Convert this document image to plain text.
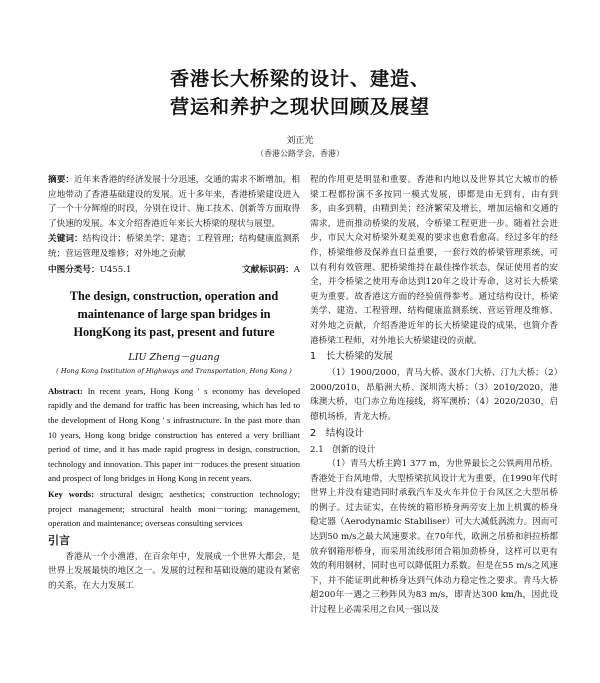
香港长大桥梁的设计、建造、
营运和养护之现状回顾及展望
刘正光
（香港公路学会，香港）

摘要：近年来香港的经济发展十分迅速，交通的需求不断增加，相应地带动了香港基础建设的发展。近十多年来，香港桥梁建设进入了一个十分辉煌的时段，分别在设计、施工技术、创新等方面取得了快速的发展。本文介绍香港近年来长大桥梁的现状与展望。

关键词：结构设计；桥梁美学；建造；工程管理；结构健康监测系统；营运管理及维修；对外地之贡献

中图分类号：U455.1	文献标识码：A
The design, construction, operation and
maintenance of large span bridges in
HongKong its past, present and future
LIU Zheng－guang
( Hong Kong Institution of Highways and Transportation, Hong Kong )

Abstract: In recent years, Hong Kong ' s economy has developed rapidly and the demand for traffic has been increasing, which has led to the development of Hong Kong ' s infrastructure. In the past more than 10 years, Hong kong bridge construction has entered a very brilliant period of time, and it has made rapid progress in design, construction, technology and innovation. This paper int－roduces the present situation and prospect of long bridges in Hong Kong in recent years.

Key words: structural design; aesthetics; construction technology; project management; structural health moni－toring; management, operation and maintenance; overseas consulting services

引言

香港从一个小渔港，在百余年中，发展成一个世界大都会，是世界上发展最快的地区之一。发展的过程和基础设施的建设有紧密的关系，在大力发展工

程的作用更是明显和重要。香港和内地以及世界其它大城市的桥梁工程都扮演不多按同一模式发展，即都是由无到有，由有到多，由多到精，由精到美；经济繁荣及增长，增加运输和交通的需求，进而推动桥梁的发展，令桥梁工程更进一步。随着社会进步，市民大众对桥梁外观美观的要求也愈看愈高。经过多年的经作，桥梁维修及保养直日益重要，一套行效的桥梁管理系统，可以有利有效管理、肥桥梁维持在最佳操作状态，保证使用者的安全，并令桥梁之使用寿命达到120年之设计寿命，这对长大桥梁更为重要。故香港这方面的经验值得参考。通过结构设计，桥梁美学、建造、工程管理、结构健康监测系统、营运管理及维修、对外地之贡献，介绍香港近年的长大桥梁建设的成果，也简介香港桥梁工程师，对外地长大桥梁建设的贡献。

1　长大桥梁的发展

（1）1900/2000，青马大桥、汲水门大桥、汀九大桥；（2）2000/2010，昂船洲大桥、深圳湾大桥；（3）2010/2020，港珠澳大桥，屯门赤立角连接线，将军澳桥；（4）2020/2030，启德机场桥，青龙大桥。

2　结构设计
2.1　创新的设计

（1）青马大桥主跨1 377 m，为世界最长之公铁两用吊桥。香港处于台风地带，大型桥梁抗风设计尤为重要，在1990年代时世界上并没有建造同时承载汽车及火车并位于台风区之大型吊桥的例子。过去证实，在传统的箱形桥身两旁安上加上机翼的桥身稳定器（Aerodynamic Stabiliser）可大大减低涡流力。因而可达到50 m/s之最大风速要求。在70年代，欧洲之吊桥和斜拉桥都放弃钢箱形桥身，而采用流线形闭合箱加劲桥身，这样可以更有效的利用钢材，同时也可以降低阻力系数。但是在55 m/s之风速下，并不能证明此种桥身达到气体动力稳定性之要求。青马大桥超200年一遇之三秒阵风为83 m/s，即青达300 km/h，因此设计过程上必需采用之台风一强以及
